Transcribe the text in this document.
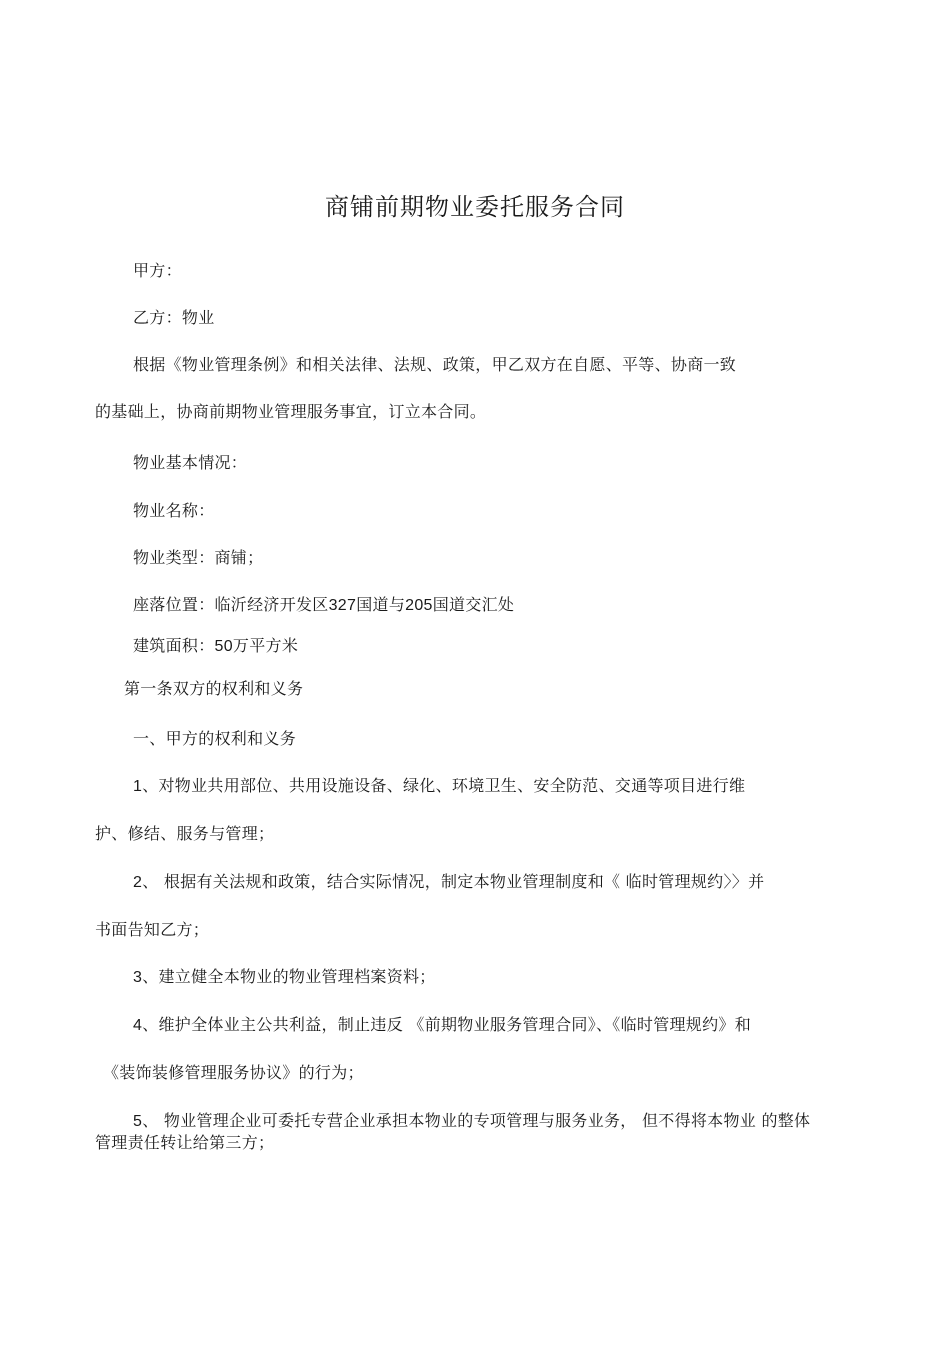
商铺前期物业委托服务合同
甲方：
乙方：物业
根据《物业管理条例》和相关法律、法规、政策，甲乙双方在自愿、平等、协商一致
的基础上，协商前期物业管理服务事宜，订立本合同。
物业基本情况：
物业名称：
物业类型：商铺；
座落位置：临沂经济开发区327国道与205国道交汇处
建筑面积：50万平方米
第一条双方的权利和义务
一、甲方的权利和义务
1、对物业共用部位、共用设施设备、绿化、环境卫生、安全防范、交通等项目进行维
护、修结、服务与管理；
2、 根据有关法规和政策，结合实际情况，制定本物业管理制度和《 临时管理规约〉〉并
书面告知乙方；
3、建立健全本物业的物业管理档案资料；
4、维护全体业主公共利益，制止违反 《前期物业服务管理合同》、《临时管理规约》和
《装饰装修管理服务协议》的行为；
5、 物业管理企业可委托专营企业承担本物业的专项管理与服务业务， 但不得将本物业 的整体
管理责任转让给第三方；
